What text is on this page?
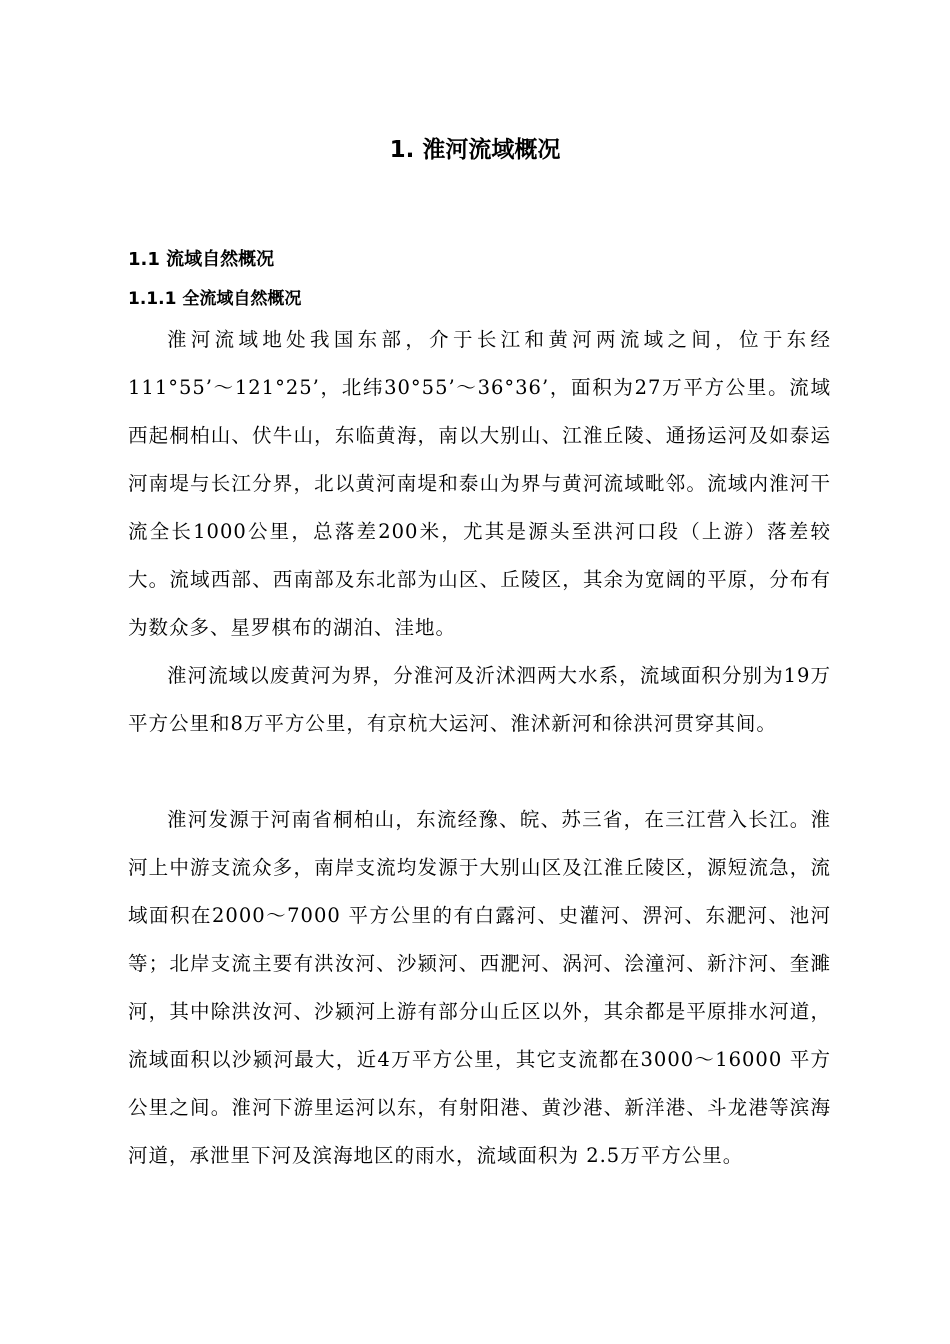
1. 淮河流域概况
1.1 流域自然概况
1.1.1 全流域自然概况
淮河流域地处我国东部，介于长江和黄河两流域之间，位于东经111°55’～121°25’，北纬30°55’～36°36’，面积为27万平方公里。流域西起桐柏山、伏牛山，东临黄海，南以大别山、江淮丘陵、通扬运河及如泰运河南堤与长江分界，北以黄河南堤和泰山为界与黄河流域毗邻。流域内淮河干流全长1000公里，总落差200米，尤其是源头至洪河口段（上游）落差较大。流域西部、西南部及东北部为山区、丘陵区，其余为宽阔的平原，分布有为数众多、星罗棋布的湖泊、洼地。
淮河流域以废黄河为界，分淮河及沂沭泗两大水系，流域面积分别为19万平方公里和8万平方公里，有京杭大运河、淮沭新河和徐洪河贯穿其间。
淮河发源于河南省桐柏山，东流经豫、皖、苏三省，在三江营入长江。淮河上中游支流众多，南岸支流均发源于大别山区及江淮丘陵区，源短流急，流域面积在2000～7000 平方公里的有白露河、史灌河、淠河、东淝河、池河等；北岸支流主要有洪汝河、沙颍河、西淝河、涡河、浍潼河、新汴河、奎濉河，其中除洪汝河、沙颍河上游有部分山丘区以外，其余都是平原排水河道，流域面积以沙颍河最大，近4万平方公里，其它支流都在3000～16000 平方公里之间。淮河下游里运河以东，有射阳港、黄沙港、新洋港、斗龙港等滨海河道，承泄里下河及滨海地区的雨水，流域面积为 2.5万平方公里。
